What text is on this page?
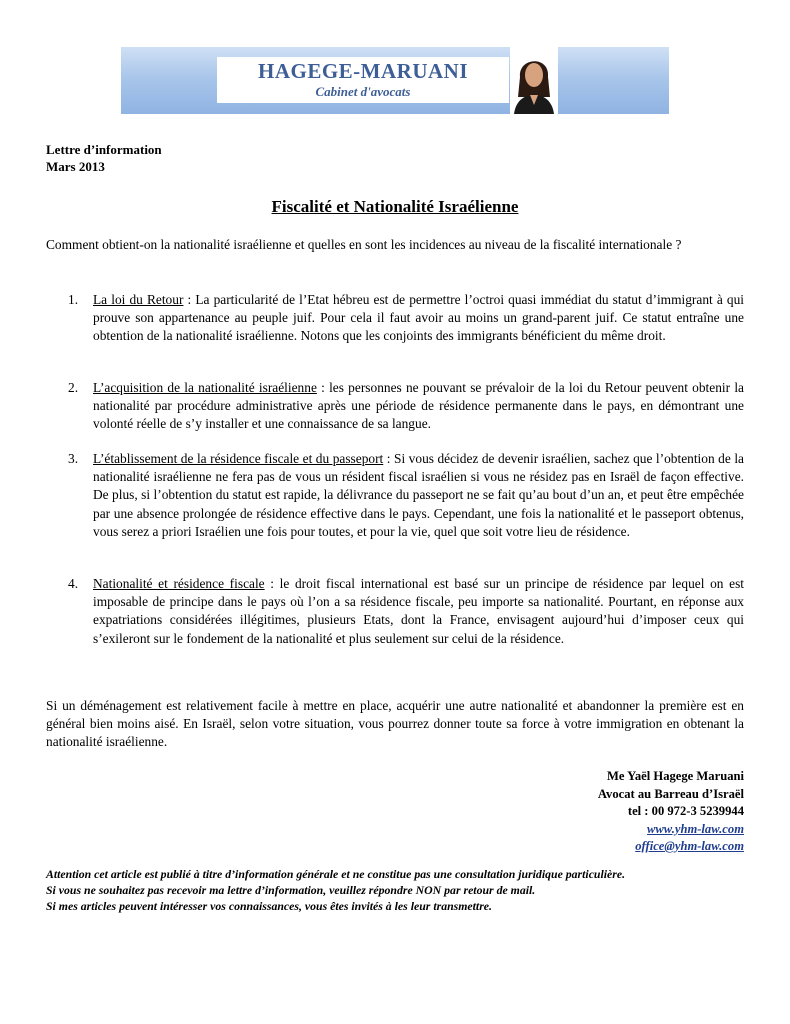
HAGEGE-MARUANI
Cabinet d'avocats
Lettre d’information
Mars 2013
Fiscalité et Nationalité Israélienne
Comment obtient-on la nationalité israélienne et quelles en sont les incidences au niveau de la fiscalité internationale ?
1. La loi du Retour : La particularité de l’Etat hébreu est de permettre l’octroi quasi immédiat du statut d’immigrant à qui prouve son appartenance au peuple juif. Pour cela il faut avoir au moins un grand-parent juif. Ce statut entraîne une obtention de la nationalité israélienne. Notons que les conjoints des immigrants bénéficient du même droit.
2. L’acquisition de la nationalité israélienne : les personnes ne pouvant se prévaloir de la loi du Retour peuvent obtenir la nationalité par procédure administrative après une période de résidence permanente dans le pays, en démontrant une volonté réelle de s’y installer et une connaissance de sa langue.
3. L’établissement de la résidence fiscale et du passeport : Si vous décidez de devenir israélien, sachez que l’obtention de la nationalité israélienne ne fera pas de vous un résident fiscal israélien si vous ne résidez pas en Israël de façon effective. De plus, si l’obtention du statut est rapide, la délivrance du passeport ne se fait qu’au bout d’un an, et peut être empêchée par une absence prolongée de résidence effective dans le pays. Cependant, une fois la nationalité et le passeport obtenus, vous serez a priori Israélien une fois pour toutes, et pour la vie, quel que soit votre lieu de résidence.
4. Nationalité et résidence fiscale : le droit fiscal international est basé sur un principe de résidence par lequel on est imposable de principe dans le pays où l’on a sa résidence fiscale, peu importe sa nationalité. Pourtant, en réponse aux expatriations considérées illégitimes, plusieurs Etats, dont la France, envisagent aujourd’hui d’imposer ceux qui s’exileront sur le fondement de la nationalité et plus seulement sur celui de la résidence.
Si un déménagement est relativement facile à mettre en place, acquérir une autre nationalité et abandonner la première est en général bien moins aisé. En Israël, selon votre situation, vous pourrez donner toute sa force à votre immigration en obtenant la nationalité israélienne.
Me Yaël Hagege Maruani
Avocat au Barreau d’Israël
tel : 00 972-3 5239944
www.yhm-law.com
office@yhm-law.com
Attention cet article est publié à titre d’information générale et ne constitue pas une consultation juridique particulière.
Si vous ne souhaitez pas recevoir ma lettre d’information, veuillez répondre NON par retour de mail.
Si mes articles peuvent intéresser vos connaissances, vous êtes invités à les leur transmettre.
